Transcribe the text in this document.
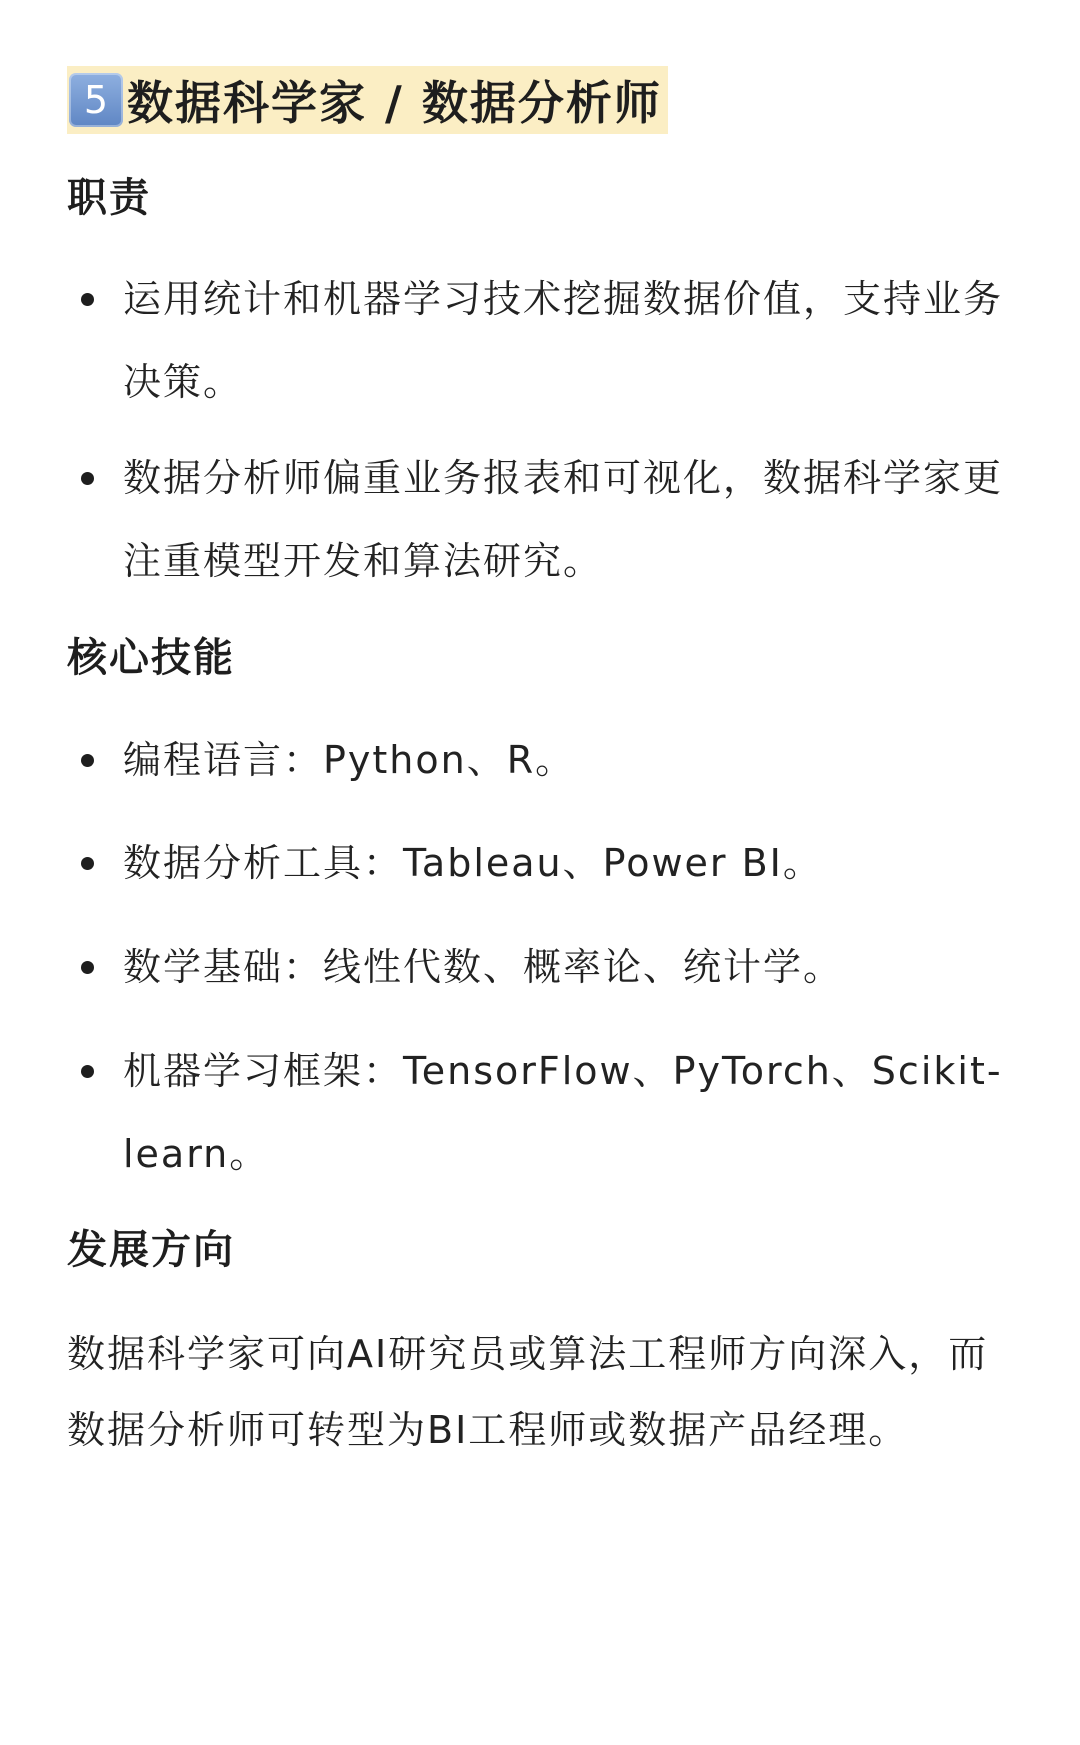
5 数据科学家 / 数据分析师
职责
运用统计和机器学习技术挖掘数据价值，支持业务决策。
数据分析师偏重业务报表和可视化，数据科学家更注重模型开发和算法研究。
核心技能
编程语言：Python、R。
数据分析工具：Tableau、Power BI。
数学基础：线性代数、概率论、统计学。
机器学习框架：TensorFlow、PyTorch、Scikit-learn。
发展方向

数据科学家可向AI研究员或算法工程师方向深入，而数据分析师可转型为BI工程师或数据产品经理。
